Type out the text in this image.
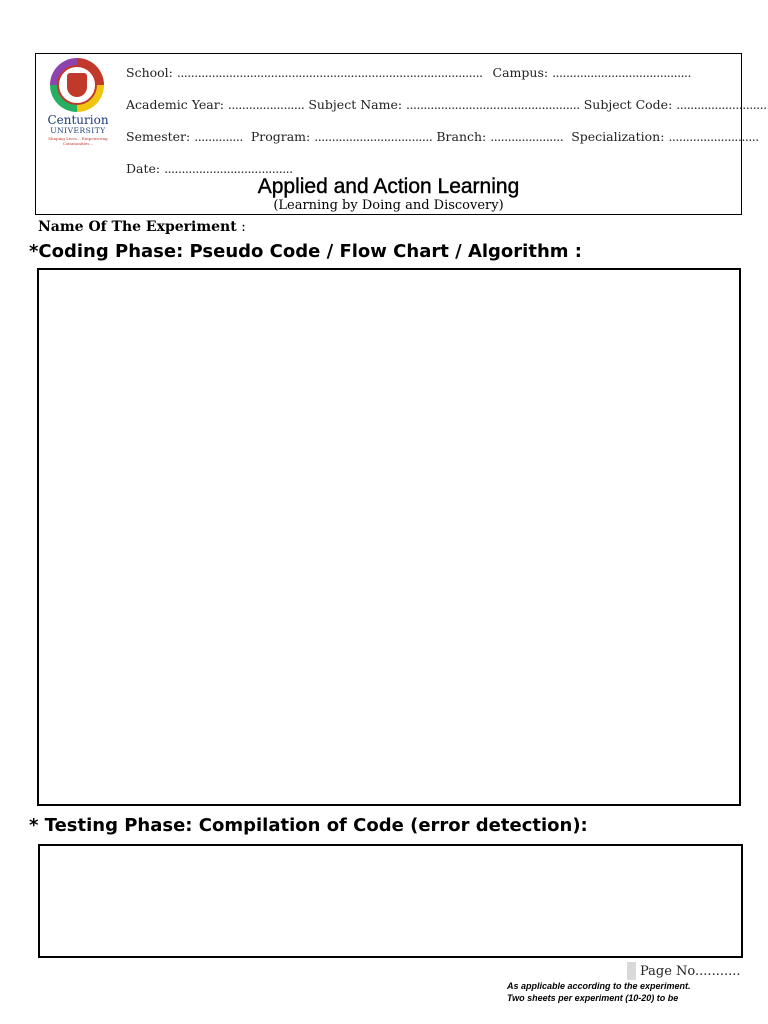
Centurion
UNIVERSITY
Shaping Lives... Empowering Communities...
School: ........................................................................................ Campus: ........................................
Academic Year: ...................... Subject Name: .................................................. Subject Code: ..........................
Semester: .............. Program: .................................. Branch: ..................... Specialization: ..........................
Date: .....................................
Applied and Action Learning
(Learning by Doing and Discovery)
Name Of The Experiment :
*Coding Phase: Pseudo Code / Flow Chart / Algorithm :
* Testing Phase: Compilation of Code (error detection):
Page No...........
As applicable according to the experiment.
Two sheets per experiment (10-20) to be
